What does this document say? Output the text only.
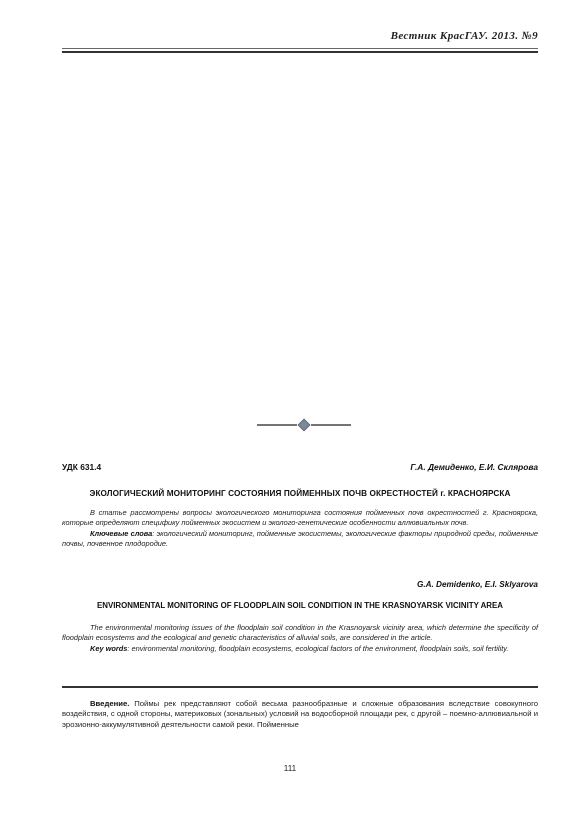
Вестник КрасГАУ. 2013. №9
УДК 631.4	Г.А. Демиденко, Е.И. Склярова
ЭКОЛОГИЧЕСКИЙ МОНИТОРИНГ СОСТОЯНИЯ ПОЙМЕННЫХ ПОЧВ ОКРЕСТНОСТЕЙ г. КРАСНОЯРСКА

В статье рассмотрены вопросы экологического мониторинга состояния пойменных почв окрестностей г. Красноярска, которые определяют специфику пойменных экосистем и эколого-генетические особенности аллювиальных почв.

Ключевые слова: экологический мониторинг, пойменные экосистемы, экологические факторы природной среды, пойменные почвы, почвенное плодородие.

G.A. Demidenko, E.I. Sklyarova
ENVIRONMENTAL MONITORING OF FLOODPLAIN SOIL CONDITION IN THE KRASNOYARSK VICINITY AREA

The environmental monitoring issues of the floodplain soil condition in the Krasnoyarsk vicinity area, which determine the specificity of floodplain ecosystems and the ecological and genetic characteristics of alluvial soils, are considered in the article.

Key words: environmental monitoring, floodplain ecosystems, ecological factors of the environment, floodplain soils, soil fertility.

Введение. Поймы рек представляют собой весьма разнообразные и сложные образования вследствие совокупного воздействия, с одной стороны, материковых (зональных) условий на водосборной площади рек, с другой – поемно-аллювиальной и эрозионно-аккумулятивной деятельности самой реки. Пойменные

111
